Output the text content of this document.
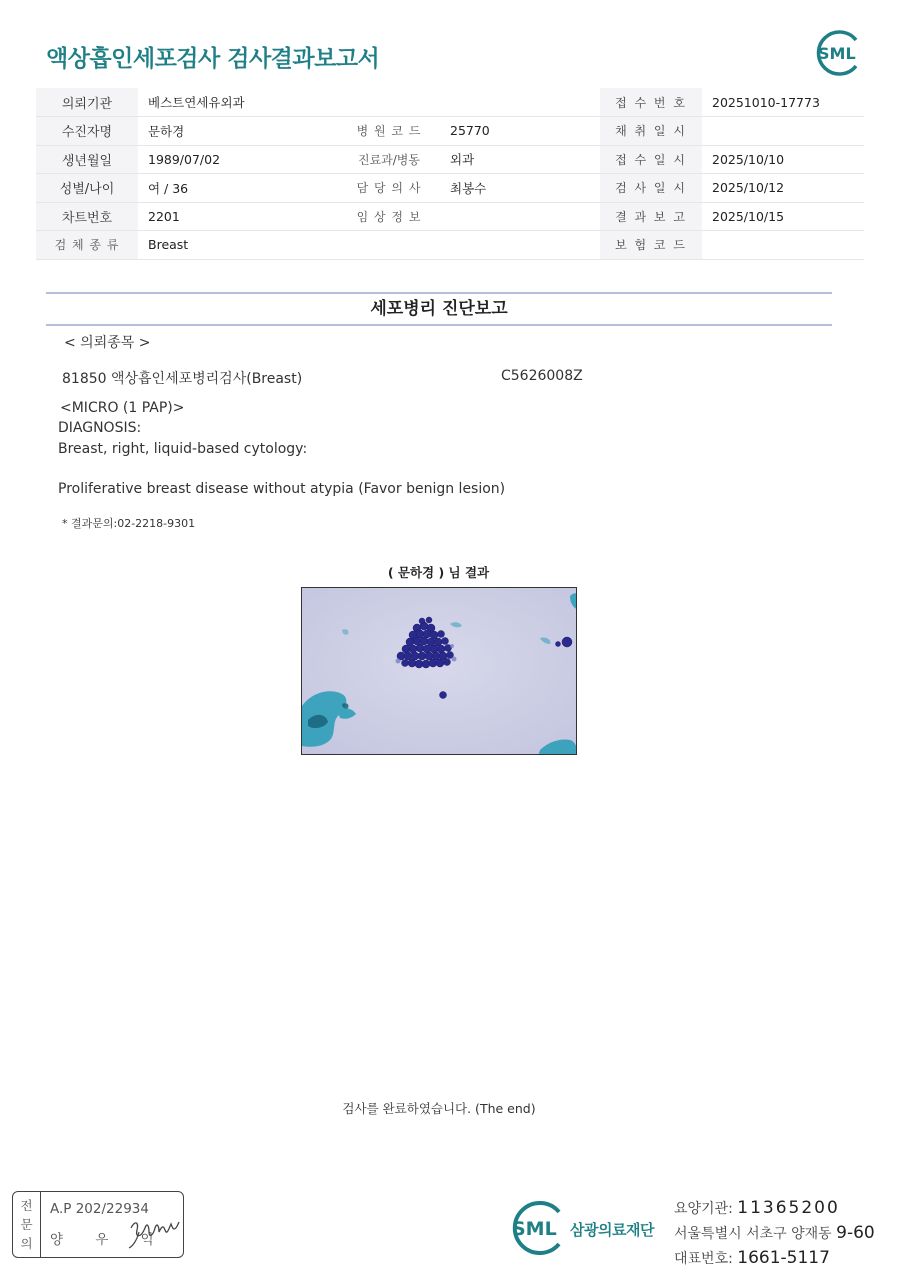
액상흡인세포검사 검사결과보고서	SML
의뢰기관	베스트연세유외과			접 수 번 호	20251010-17773
수진자명	문하경	병 원 코 드	25770	채 취 일 시	
생년월일	1989/07/02	진료과/병동	외과	접 수 일 시	2025/10/10
성별/나이	여 / 36	담 당 의 사	최봉수	검 사 일 시	2025/10/12
차트번호	2201	임 상 정 보		결 과 보 고	2025/10/15
검 체 종 류	Breast			보 험 코 드	
세포병리 진단보고
< 의뢰종목 >
81850 액상흡인세포병리검사(Breast)	C5626008Z
<MICRO (1 PAP)>
DIAGNOSIS:
Breast, right, liquid-based cytology:
Proliferative breast disease without atypia (Favor benign lesion)
* 결과문의:02-2218-9301
( 문하경 ) 님 결과
검사를 완료하였습니다. (The end)
전
문
의
A.P 202/22934
양 우 익	SML 삼광의료재단
요양기관: 11365200
서울특별시 서초구 양재동 9-60
대표번호: 1661-5117
